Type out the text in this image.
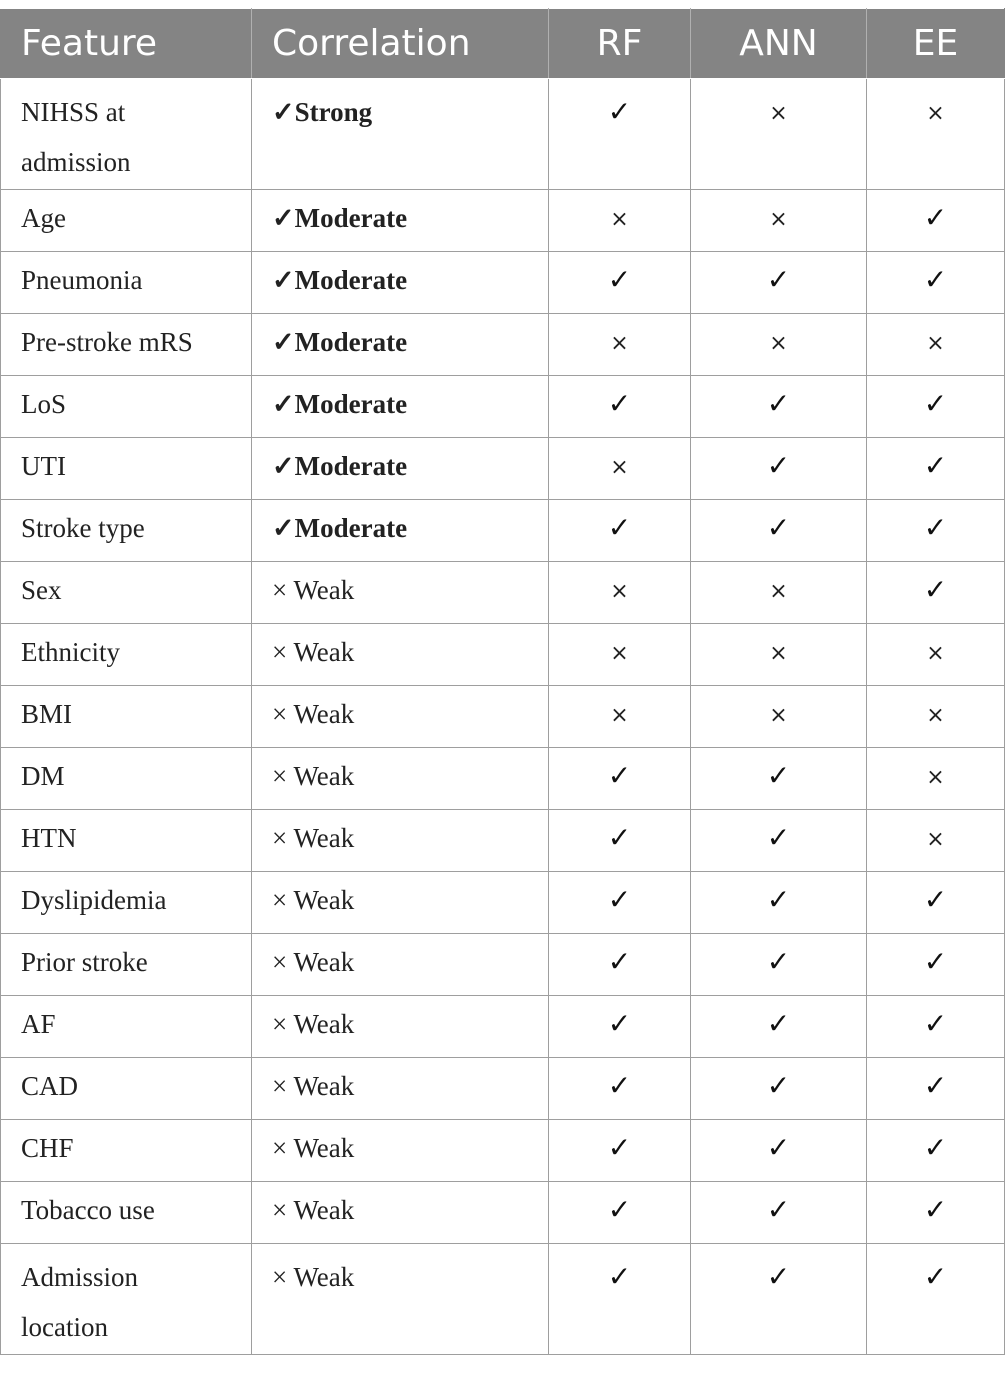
Feature	Correlation	RF	ANN	EE
NIHSS at admission	✓Strong	✓	×	×
Age	✓Moderate	×	×	✓
Pneumonia	✓Moderate	✓	✓	✓
Pre-stroke mRS	✓Moderate	×	×	×
LoS	✓Moderate	✓	✓	✓
UTI	✓Moderate	×	✓	✓
Stroke type	✓Moderate	✓	✓	✓
Sex	× Weak	×	×	✓
Ethnicity	× Weak	×	×	×
BMI	× Weak	×	×	×
DM	× Weak	✓	✓	×
HTN	× Weak	✓	✓	×
Dyslipidemia	× Weak	✓	✓	✓
Prior stroke	× Weak	✓	✓	✓
AF	× Weak	✓	✓	✓
CAD	× Weak	✓	✓	✓
CHF	× Weak	✓	✓	✓
Tobacco use	× Weak	✓	✓	✓
Admission location	× Weak	✓	✓	✓
